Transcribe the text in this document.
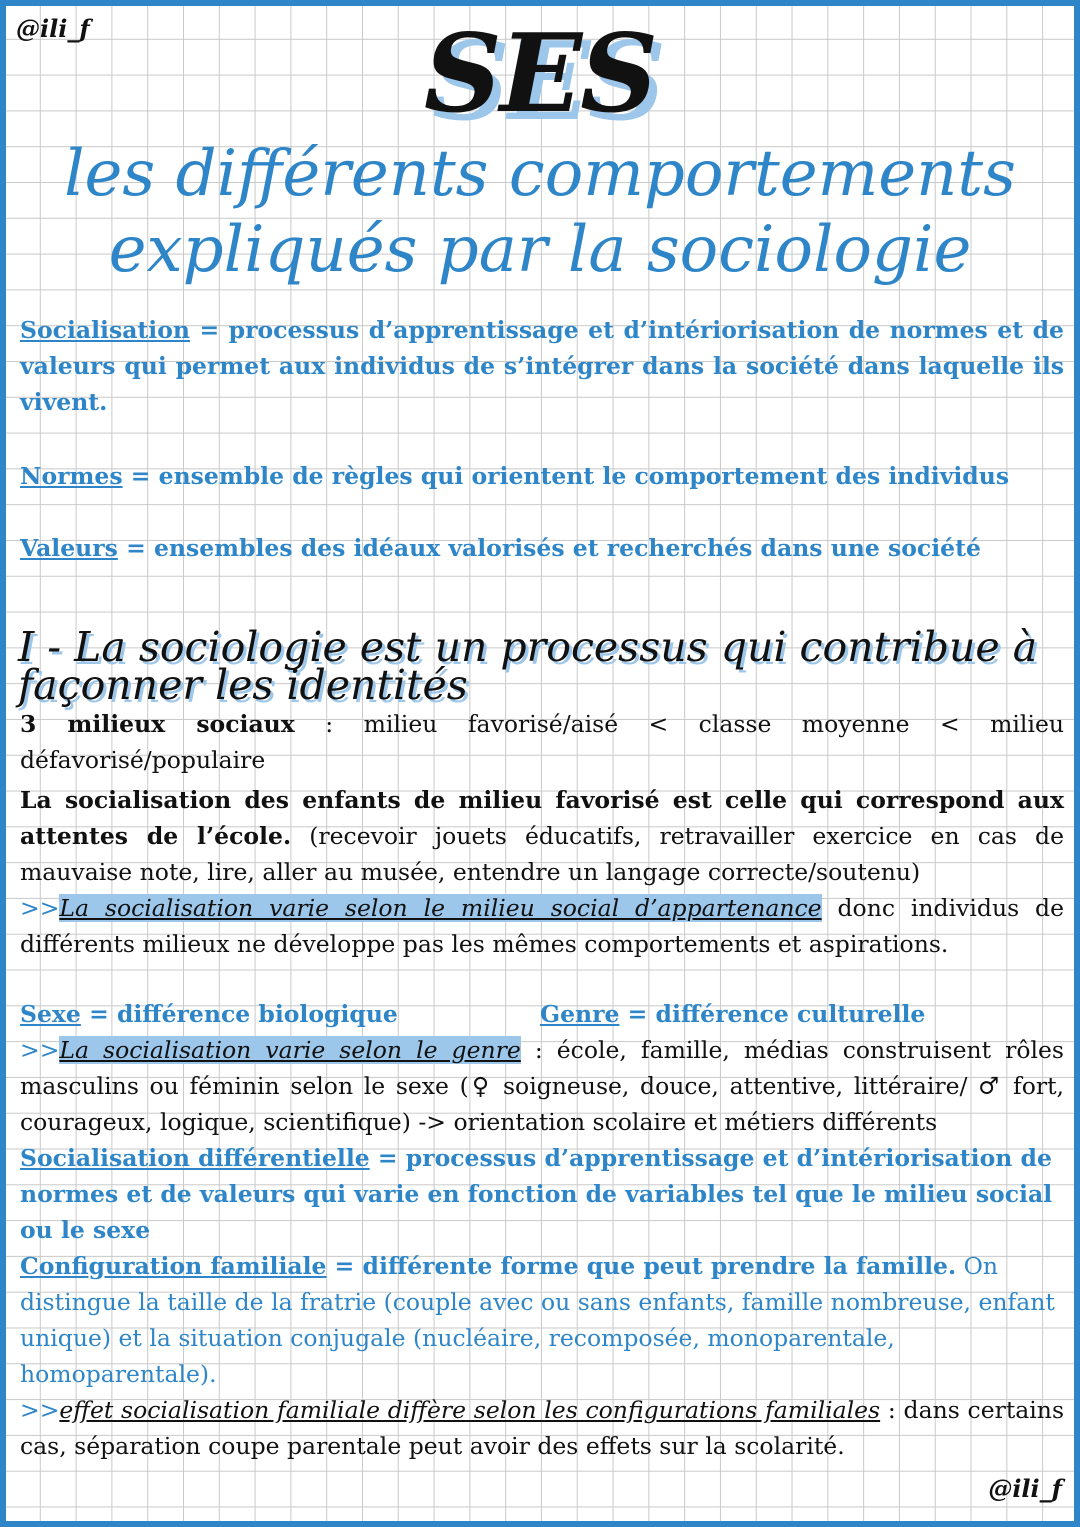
@ili_f	SES
les différents comportements
expliqués par la sociologie
Socialisation = processus d’apprentissage et d’intériorisation de normes et de valeurs qui permet aux individus de s’intégrer dans la société dans laquelle ils vivent.
Normes = ensemble de règles qui orientent le comportement des individus
Valeurs = ensembles des idéaux valorisés et recherchés dans une société
I - La sociologie est un processus qui contribue à façonner les identités
3 milieux sociaux : milieu favorisé/aisé < classe moyenne < milieu défavorisé/populaire
La socialisation des enfants de milieu favorisé est celle qui correspond aux attentes de l’école. (recevoir jouets éducatifs, retravailler exercice en cas de mauvaise note, lire, aller au musée, entendre un langage correcte/soutenu)
>>La socialisation varie selon le milieu social d’appartenance donc individus de différents milieux ne développe pas les mêmes comportements et aspirations.
Sexe = différence biologique	Genre = différence culturelle
>>La socialisation varie selon le genre : école, famille, médias construisent rôles masculins ou féminin selon le sexe (♀ soigneuse, douce, attentive, littéraire/ ♂ fort, courageux, logique, scientifique) -> orientation scolaire et métiers différents
Socialisation différentielle = processus d’apprentissage et d’intériorisation de normes et de valeurs qui varie en fonction de variables tel que le milieu social ou le sexe
Configuration familiale = différente forme que peut prendre la famille. On distingue la taille de la fratrie (couple avec ou sans enfants, famille nombreuse, enfant unique) et la situation conjugale (nucléaire, recomposée, monoparentale, homoparentale).
>>effet socialisation familiale diffère selon les configurations familiales : dans certains cas, séparation coupe parentale peut avoir des effets sur la scolarité.
@ili_f
